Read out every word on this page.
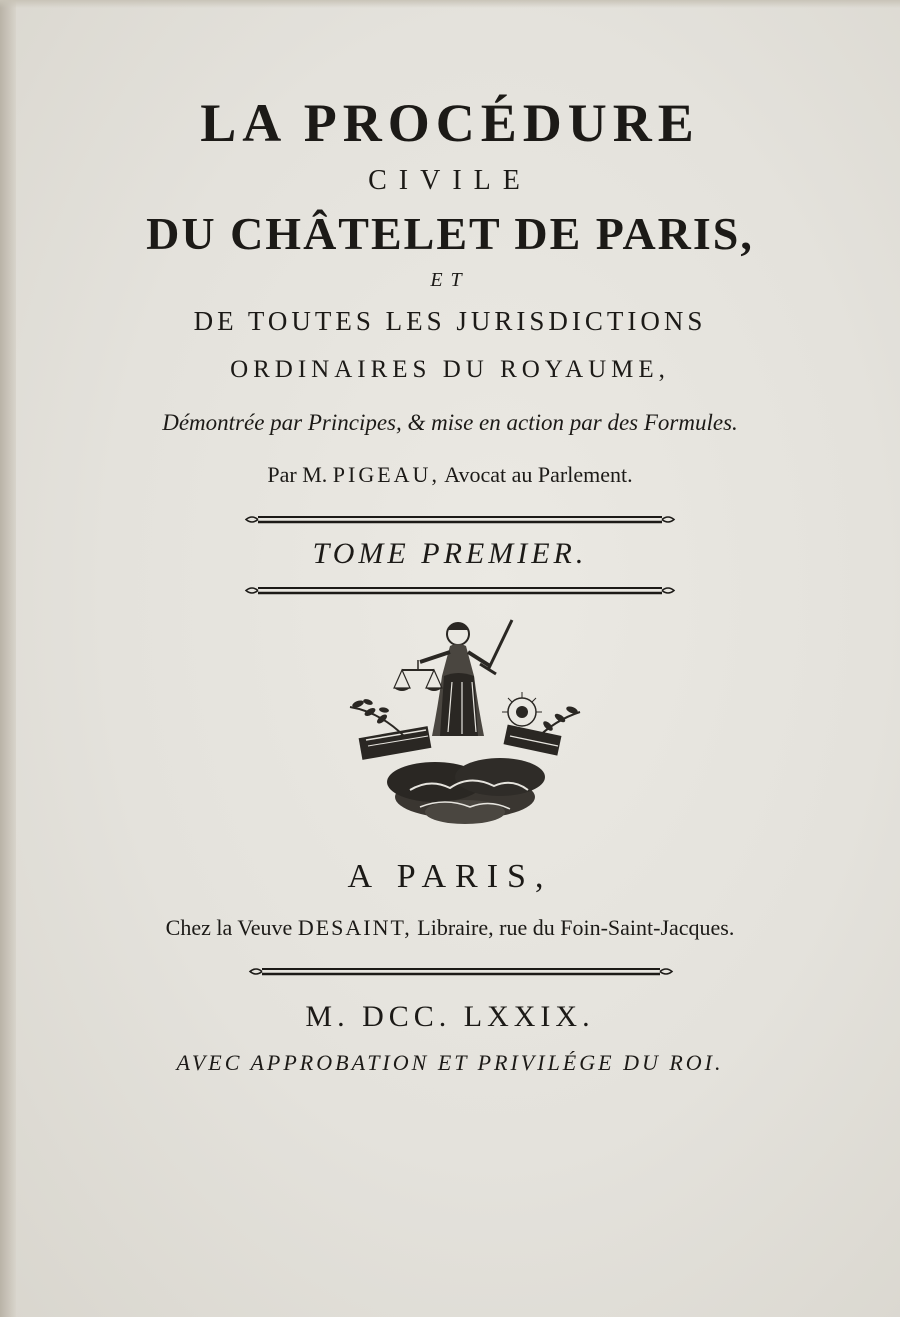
LA PROCÉDURE
CIVILE
DU CHÂTELET DE PARIS,
ET
DE TOUTES LES JURISDICTIONS
ORDINAIRES DU ROYAUME,
Démontrée par Principes, & mise en action par des Formules.
Par M. PIGEAU, Avocat au Parlement.
TOME PREMIER.
A PARIS,
Chez la Veuve DESAINT, Libraire, rue du Foin-Saint-Jacques.
M. DCC. LXXIX.
AVEC APPROBATION ET PRIVILÉGE DU ROI.
